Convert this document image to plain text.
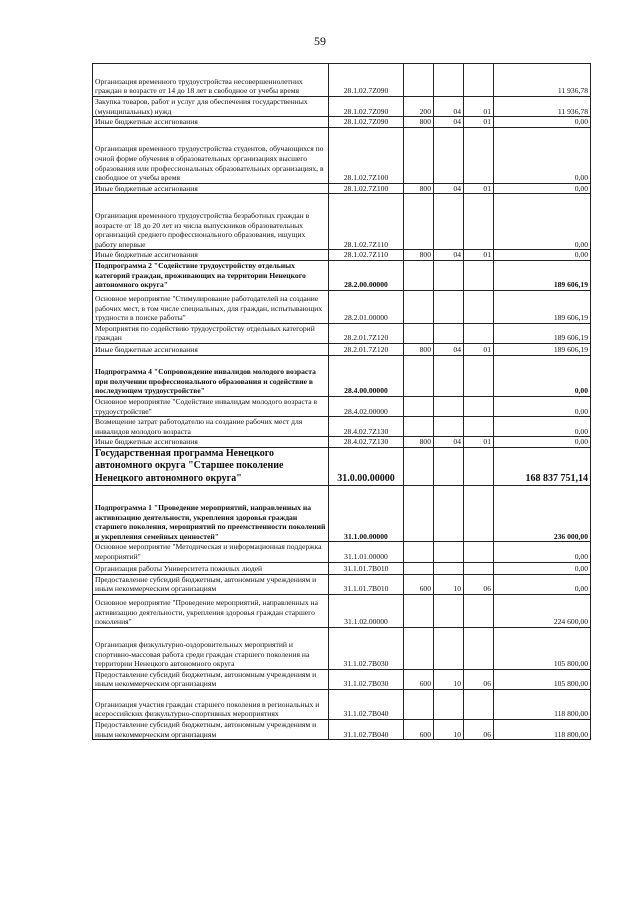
59
Организация временного трудоустройства несовершеннолетних граждан в возрасте от 14 до 18 лет в свободное от учебы время	28.1.02.7Z090				11 936,78
Закупка товаров, работ и услуг для обеспечения государственных (муниципальных) нужд	28.1.02.7Z090	200	04	01	11 936,78
Иные бюджетные ассигнования	28.1.02.7Z090	800	04	01	0,00
Организация временного трудоустройства студентов, обучающихся по очной форме обучения в образовательных организациях высшего образования или профессиональных образовательных организациях, в свободное от учебы время	28.1.02.7Z100				0,00
Иные бюджетные ассигнования	28.1.02.7Z100	800	04	01	0,00
Организация временного трудоустройства безработных граждан в возрасте от 18 до 20 лет из числа выпускников образовательных организаций среднего профессионального образования, ищущих работу впервые	28.1.02.7Z110				0,00
Иные бюджетные ассигнования	28.1.02.7Z110	800	04	01	0,00
Подпрограмма 2 "Содействие трудоустройству отдельных категорий граждан, проживающих на территории Ненецкого автономного округа"	28.2.00.00000				189 606,19
Основное мероприятие "Стимулирование работодателей на создание рабочих мест, в том числе специальных, для граждан, испытывающих трудности в поиске работы"	28.2.01.00000				189 606,19
Мероприятия по содействию трудоустройству отдельных категорий граждан	28.2.01.7Z120				189 606,19
Иные бюджетные ассигнования	28.2.01.7Z120	800	04	01	189 606,19
Подпрограмма 4 "Сопровождение инвалидов молодого возраста при получении профессионального образования и содействие в последующем трудоустройстве"	28.4.00.00000				0,00
Основное мероприятие "Содействие инвалидам молодого возраста в трудоустройстве"	28.4.02.00000				0,00
Возмещение затрат работодателю на создание рабочих мест для инвалидов молодого возраста	28.4.02.7Z130				0,00
Иные бюджетные ассигнования	28.4.02.7Z130	800	04	01	0,00
Государственная программа Ненецкого автономного округа "Старшее поколение Ненецкого автономного округа"	31.0.00.00000				168 837 751,14
Подпрограмма 1 "Проведение мероприятий, направленных на активизацию деятельности, укрепления здоровья граждан старшего поколения, мероприятий по преемственности поколений и укрепления семейных ценностей"	31.1.00.00000				236 000,00
Основное мероприятие "Методическая и информационная поддержка мероприятий"	31.1.01.00000				0,00
Организация работы Университета пожилых людей	31.1.01.7B010				0,00
Предоставление субсидий бюджетным, автономным учреждениям и иным некоммерческим организациям	31.1.01.7B010	600	10	06	0,00
Основное мероприятие "Проведение мероприятий, направленных на активизацию деятельности, укрепления здоровья граждан старшего поколения"	31.1.02.00000				224 600,00
Организация физкультурно-оздоровительных мероприятий и спортивно-массовая работа среди граждан старшего поколения на территории Ненецкого автономного округа	31.1.02.7B030				105 800,00
Предоставление субсидий бюджетным, автономным учреждениям и иным некоммерческим организациям	31.1.02.7B030	600	10	06	105 800,00
Организация участия граждан старшего поколения в региональных и всероссийских физкультурно-спортивных мероприятиях	31.1.02.7B040				118 800,00
Предоставление субсидий бюджетным, автономным учреждениям и иным некоммерческим организациям	31.1.02.7B040	600	10	06	118 800,00
